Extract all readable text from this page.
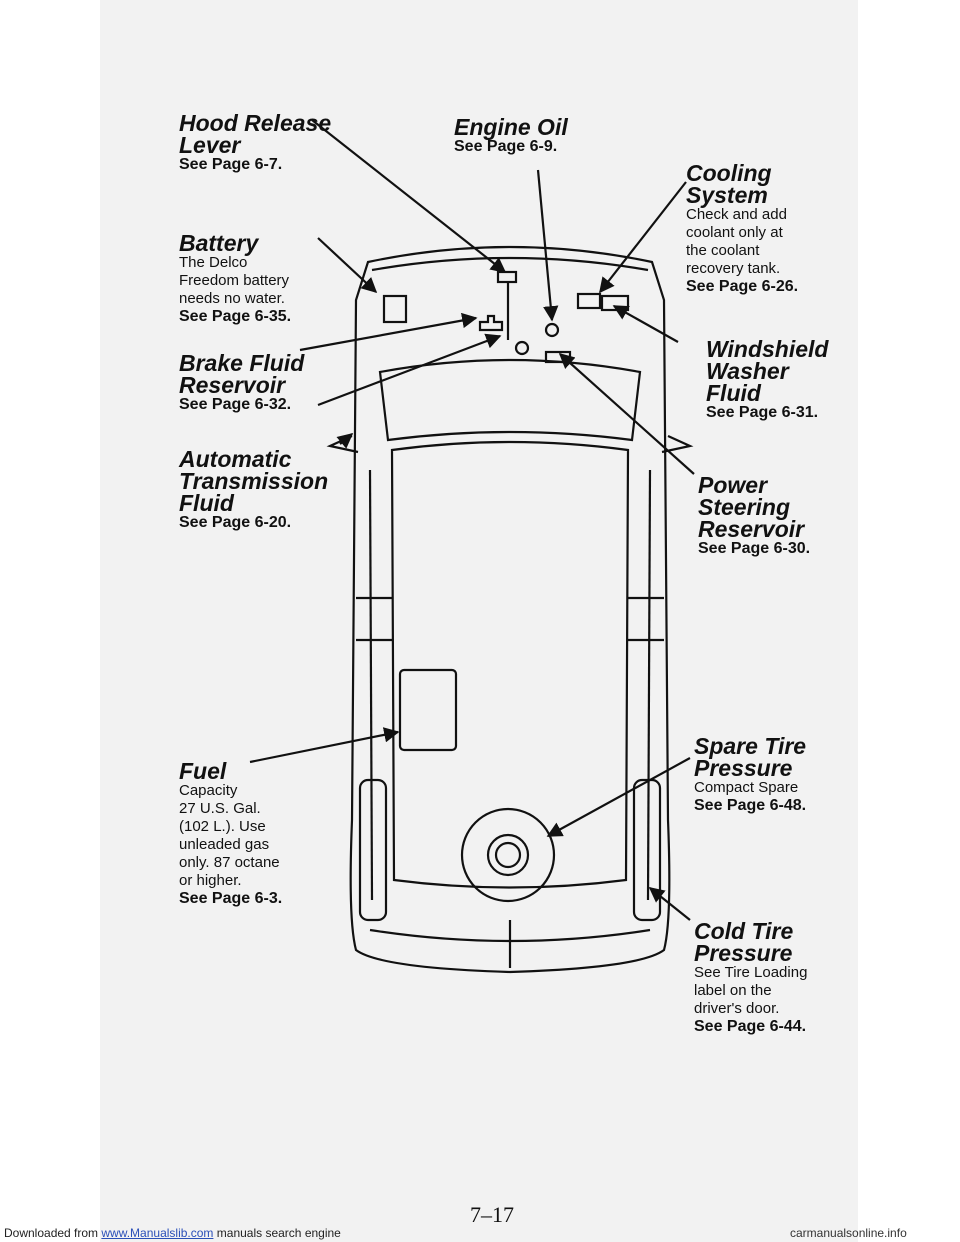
Hood Release
Lever
See Page 6-7.
Engine Oil
See Page 6-9.
Cooling
System
Check and add
coolant only at
the coolant
recovery tank.
See Page 6-26.
Battery
The Delco
Freedom battery
needs no water.
See Page 6-35.
Brake Fluid
Reservoir
See Page 6-32.
Windshield
Washer
Fluid
See Page 6-31.
Automatic
Transmission
Fluid
See Page 6-20.
Power
Steering
Reservoir
See Page 6-30.
Fuel
Capacity
27 U.S. Gal.
(102 L.). Use
unleaded gas
only. 87 octane
or higher.
See Page 6-3.
Spare Tire
Pressure
Compact Spare
See Page 6-48.
Cold Tire
Pressure
See Tire Loading
label on the
driver's door.
See Page 6-44.
7–17
Downloaded from www.Manualslib.com manuals search engine	carmanualsonline.info
